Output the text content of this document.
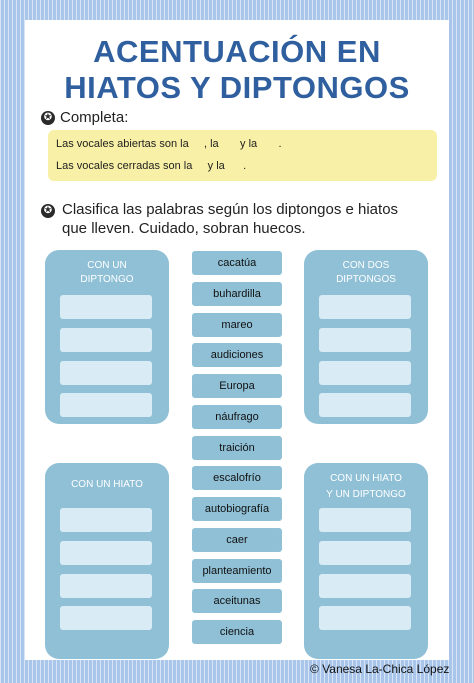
ACENTUACIÓN EN
HIATOS Y DIPTONGOS
✪ Completa:
Las vocales abiertas son la     , la       y la       .
Las vocales cerradas son la     y la      .
✪ Clasifica las palabras según los diptongos e hiatos
que lleven. Cuidado, sobran huecos.
CON UN
DIPTONGO
CON DOS
DIPTONGOS
CON UN HIATO
CON UN HIATO
Y UN DIPTONGO
cacatúa
buhardilla
mareo
audiciones
Europa
náufrago
traición
escalofrío
autobiografía
caer
planteamiento
aceitunas
ciencia
© Vanesa La-Chica López
